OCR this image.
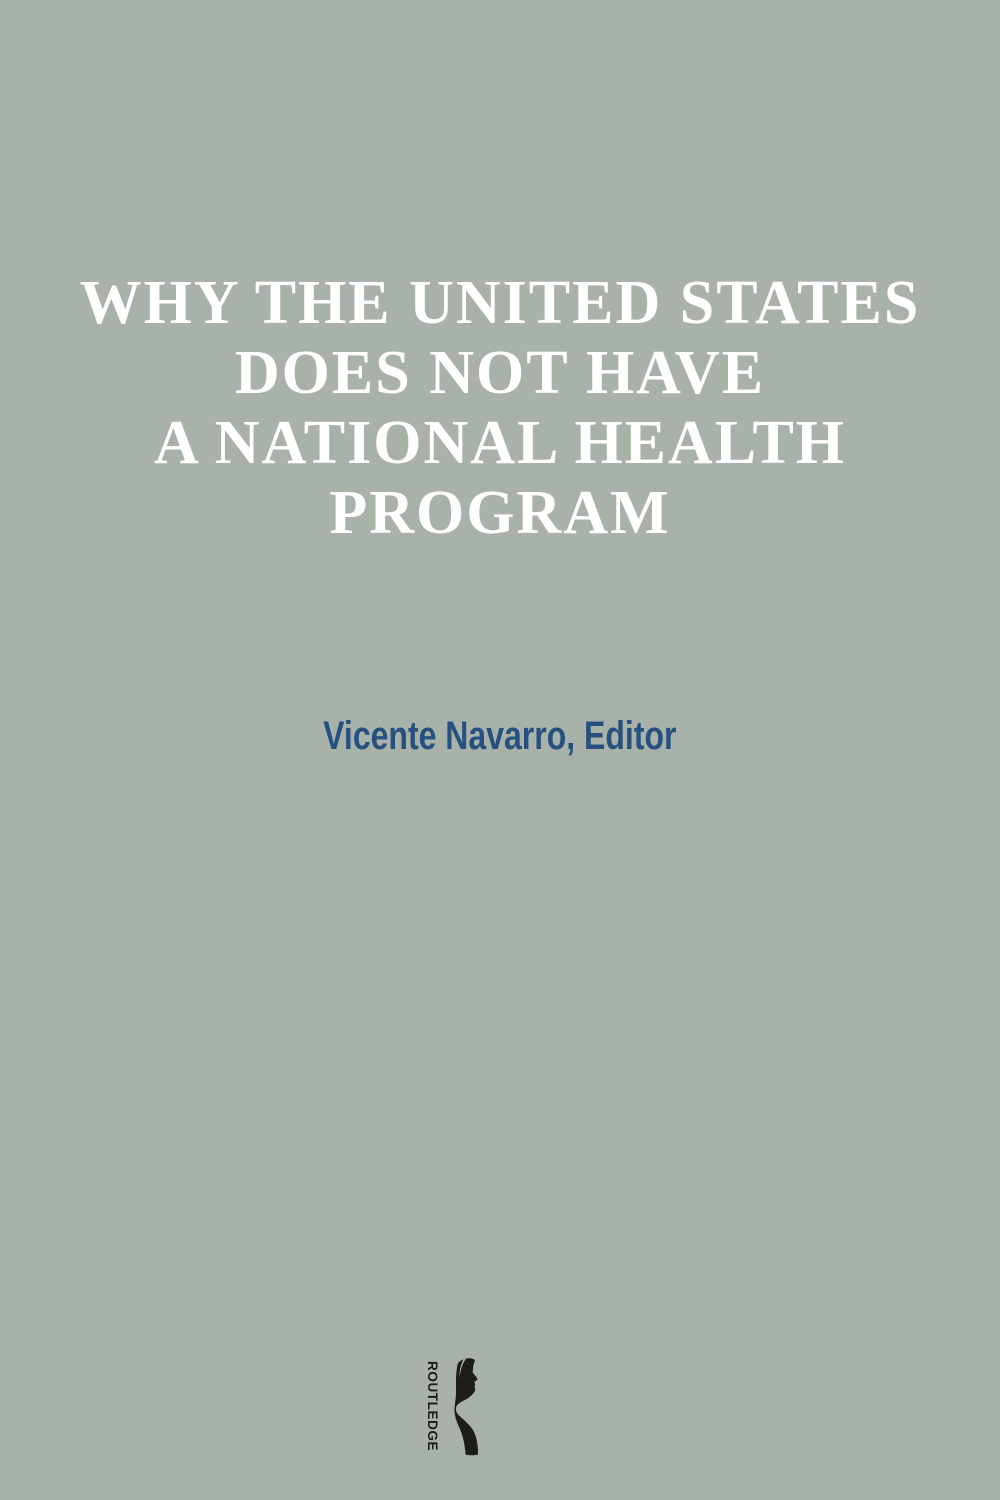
WHY THE UNITED STATES
DOES NOT HAVE
A NATIONAL HEALTH
PROGRAM
Vicente Navarro, Editor
ROUTLEDGE
